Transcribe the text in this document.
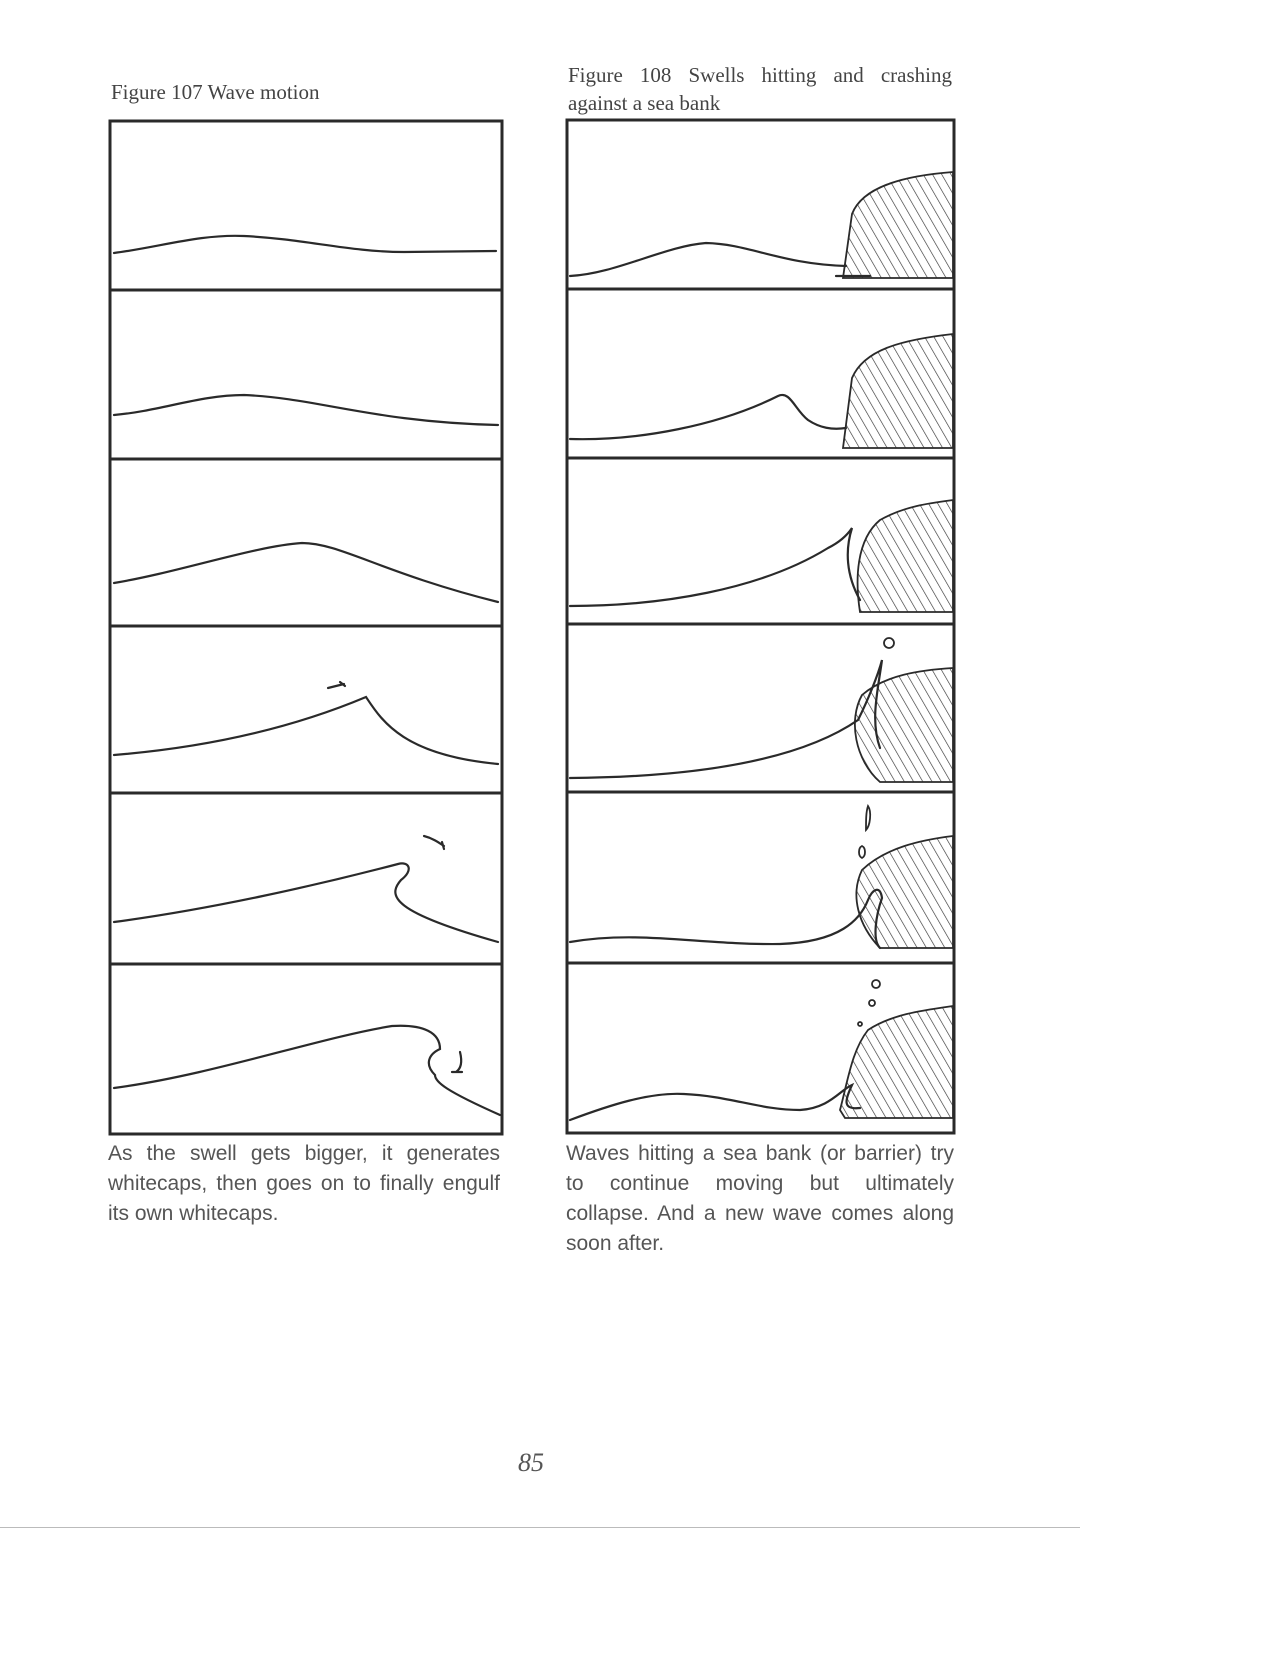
Figure 107 Wave motion
Figure 108 Swells hitting and crashing against a sea bank
As the swell gets bigger, it generates whitecaps, then goes on to finally engulf its own whitecaps.
Waves hitting a sea bank (or barrier) try to continue moving but ultimately collapse. And a new wave comes along soon after.
85
